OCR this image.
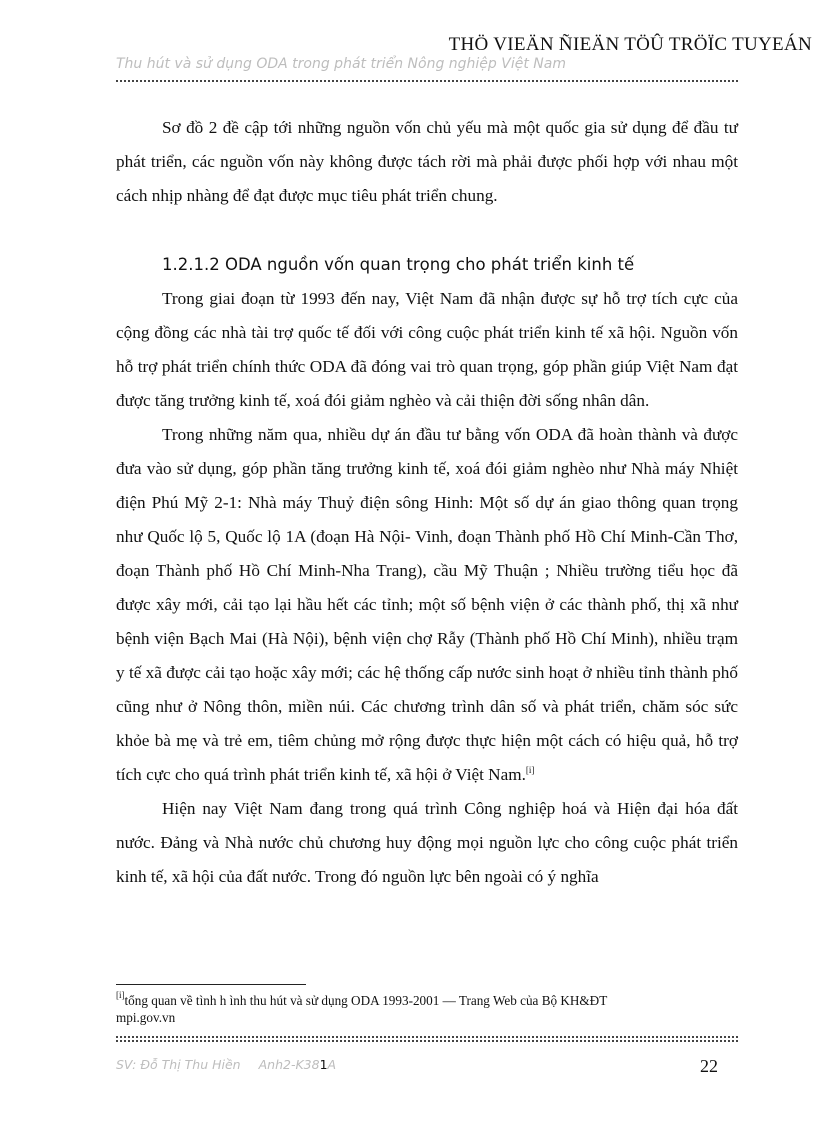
THÖ VIEÄN ÑIEÄN TÖÛ TRÖÏC TUYEÁN
Thu hút và sử dụng ODA trong phát triển Nông nghiệp Việt Nam

Sơ đồ 2 đề cập tới những nguồn vốn chủ yếu mà một quốc gia sử dụng để đầu tư phát triển, các nguồn vốn này không được tách rời mà phải được phối hợp với nhau một cách nhịp nhàng để đạt được mục tiêu phát triển chung.

1.2.1.2 ODA nguồn vốn quan trọng cho phát triển kinh tế

Trong giai đoạn từ 1993 đến nay, Việt Nam đã nhận được sự hỗ trợ tích cực của cộng đồng các nhà tài trợ quốc tế đối với công cuộc phát triển kinh tế xã hội. Nguồn vốn hỗ trợ phát triển chính thức ODA đã đóng vai trò quan trọng, góp phần giúp Việt Nam đạt được tăng trưởng kinh tế, xoá đói giảm nghèo và cải thiện đời sống nhân dân.

Trong những năm qua, nhiều dự án đầu tư bằng vốn ODA đã hoàn thành và được đưa vào sử dụng, góp phần tăng trưởng kinh tế, xoá đói giảm nghèo như Nhà máy Nhiệt điện Phú Mỹ 2-1: Nhà máy Thuỷ điện sông Hinh: Một số dự án giao thông quan trọng như Quốc lộ 5, Quốc lộ 1A (đoạn Hà Nội- Vinh, đoạn Thành phố Hồ Chí Minh-Cần Thơ, đoạn Thành phố Hồ Chí Minh-Nha Trang), cầu Mỹ Thuận ; Nhiều trường tiểu học đã được xây mới, cải tạo lại hầu hết các tỉnh; một số bệnh viện ở các thành phố, thị xã như bệnh viện Bạch Mai (Hà Nội), bệnh viện chợ Rẫy (Thành phố Hồ Chí Minh), nhiều trạm y tế xã được cải tạo hoặc xây mới; các hệ thống cấp nước sinh hoạt ở nhiều tỉnh thành phố cũng như ở Nông thôn, miền núi. Các chương trình dân số và phát triển, chăm sóc sức khỏe bà mẹ và trẻ em, tiêm chủng mở rộng được thực hiện một cách có hiệu quả, hỗ trợ tích cực cho quá trình phát triển kinh tế, xã hội ở Việt Nam.[i]

Hiện nay Việt Nam đang trong quá trình Công nghiệp hoá và Hiện đại hóa đất nước. Đảng và Nhà nước chủ chương huy động mọi nguồn lực cho công cuộc phát triển kinh tế, xã hội của đất nước. Trong đó nguồn lực bên ngoài có ý nghĩa

[i]tổng quan về tình h ình thu hút và sử dụng ODA 1993-2001 — Trang Web của Bộ KH&ĐT
mpi.gov.vn
SV: Đỗ Thị Thu Hiền Anh2-K381A	22
